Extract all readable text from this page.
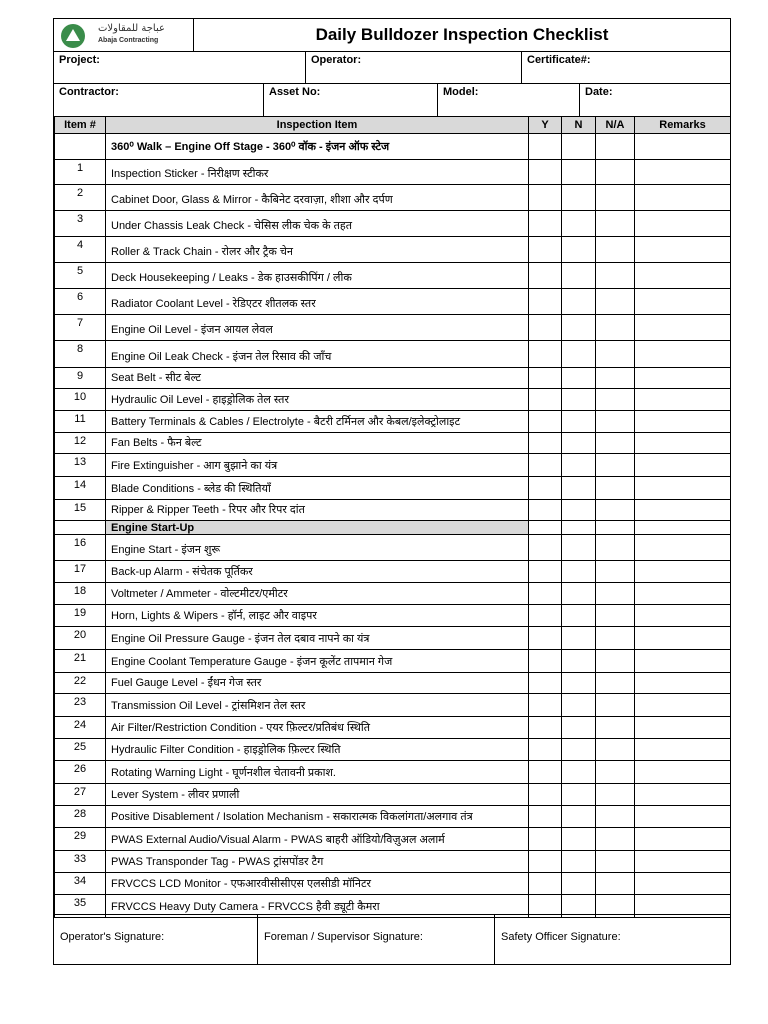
عباجة للمقاولات
Abaja Contracting	Daily Bulldozer Inspection Checklist
Project:	Operator:	Certificate#:
Contractor:	Asset No:	Model:	Date:
Item #	Inspection Item	Y	N	N/A	Remarks
	360⁰ Walk – Engine Off Stage - 360⁰ वॉक - इंजन ऑफ स्टेज				
1	Inspection Sticker - निरीक्षण स्टीकर				
2	Cabinet Door, Glass & Mirror - कैबिनेट दरवाज़ा, शीशा और दर्पण				
3	Under Chassis Leak Check - चेसिस लीक चेक के तहत				
4	Roller & Track Chain - रोलर और ट्रैक चेन				
5	Deck Housekeeping / Leaks - डेक हाउसकीपिंग / लीक				
6	Radiator Coolant Level - रेडिएटर शीतलक स्तर				
7	Engine Oil Level - इंजन आयल लेवल				
8	Engine Oil Leak Check - इंजन तेल रिसाव की जाँच				
9	Seat Belt - सीट बेल्ट				
10	Hydraulic Oil Level - हाइड्रोलिक तेल स्तर				
11	Battery Terminals & Cables / Electrolyte - बैटरी टर्मिनल और केबल/इलेक्ट्रोलाइट				
12	Fan Belts - फैन बेल्ट				
13	Fire Extinguisher - आग बुझाने का यंत्र				
14	Blade Conditions - ब्लेड की स्थितियाँ				
15	Ripper & Ripper Teeth - रिपर और रिपर दांत				
	Engine Start-Up				
16	Engine Start - इंजन शुरू				
17	Back-up Alarm - संचेतक पूर्तिकर				
18	Voltmeter / Ammeter - वोल्टमीटर/एमीटर				
19	Horn, Lights & Wipers - हॉर्न, लाइट और वाइपर				
20	Engine Oil Pressure Gauge - इंजन तेल दबाव नापने का यंत्र				
21	Engine Coolant Temperature Gauge - इंजन कूलेंट तापमान गेज				
22	Fuel Gauge Level - ईंधन गेज स्तर				
23	Transmission Oil Level - ट्रांसमिशन तेल स्तर				
24	Air Filter/Restriction Condition - एयर फ़िल्टर/प्रतिबंध स्थिति				
25	Hydraulic Filter Condition - हाइड्रोलिक फ़िल्टर स्थिति				
26	Rotating Warning Light - घूर्णनशील चेतावनी प्रकाश.				
27	Lever System - लीवर प्रणाली				
28	Positive Disablement / Isolation Mechanism - सकारात्मक विकलांगता/अलगाव तंत्र				
29	PWAS External Audio/Visual Alarm - PWAS बाहरी ऑडियो/विज़ुअल अलार्म				
33	PWAS Transponder Tag - PWAS ट्रांसपोंडर टैग				
34	FRVCCS LCD Monitor - एफआरवीसीसीएस एलसीडी मॉनिटर				
35	FRVCCS Heavy Duty Camera - FRVCCS हैवी ड्यूटी कैमरा				
Operator's Signature:	Foreman / Supervisor Signature:	Safety Officer Signature:
